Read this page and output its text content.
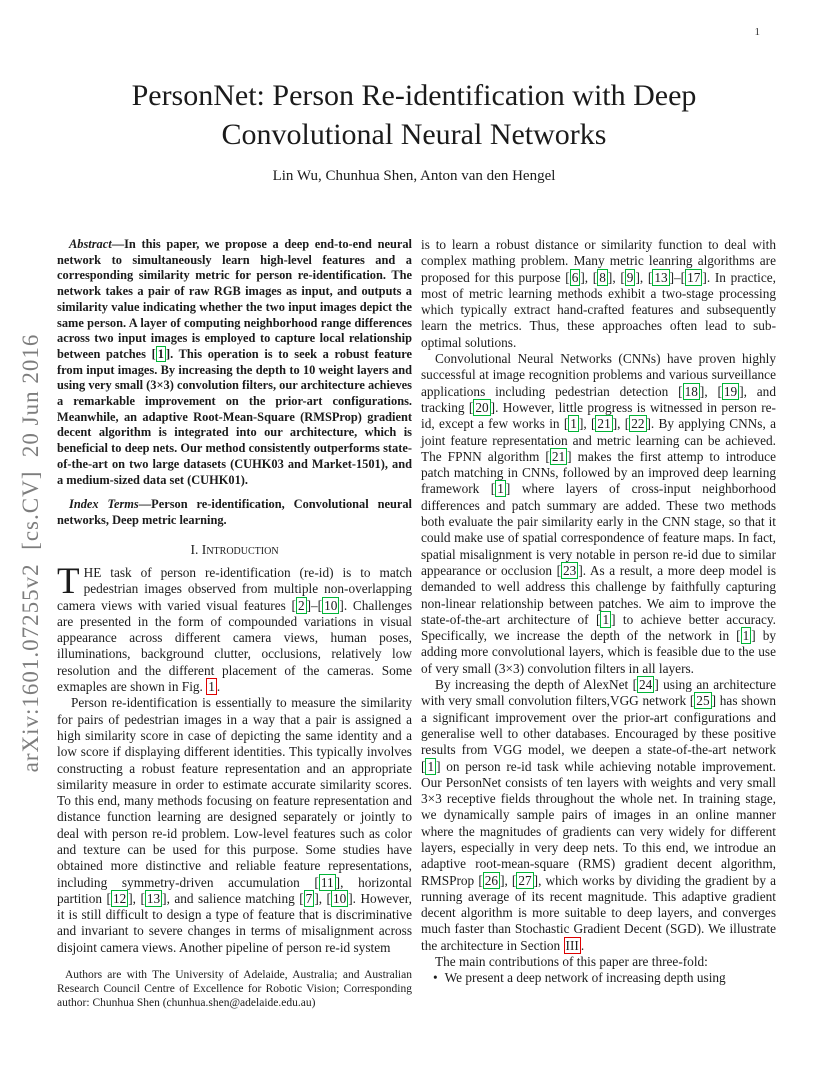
1
arXiv:1601.07255v2  [cs.CV]  20 Jun 2016
PersonNet: Person Re-identification with Deep Convolutional Neural Networks
Lin Wu, Chunhua Shen, Anton van den Hengel

Abstract—In this paper, we propose a deep end-to-end neural network to simultaneously learn high-level features and a corresponding similarity metric for person re-identification. The network takes a pair of raw RGB images as input, and outputs a similarity value indicating whether the two input images depict the same person. A layer of computing neighborhood range differences across two input images is employed to capture local relationship between patches [ 1 ]. This operation is to seek a robust feature from input images. By increasing the depth to 10 weight layers and using very small (3×3) convolution filters, our architecture achieves a remarkable improvement on the prior-art configurations. Meanwhile, an adaptive Root-Mean-Square (RMSProp) gradient decent algorithm is integrated into our architecture, which is beneficial to deep nets. Our method consistently outperforms state-of-the-art on two large datasets (CUHK03 and Market-1501), and a medium-sized data set (CUHK01).

Index Terms—Person re-identification, Convolutional neural networks, Deep metric learning.

I. Introduction

THE task of person re-identification (re-id) is to match pedestrian images observed from multiple non-overlapping camera views with varied visual features [ 2 ]–[ 10 ]. Challenges are presented in the form of compounded variations in visual appearance across different camera views, human poses, illuminations, background clutter, occlusions, relatively low resolution and the different placement of the cameras. Some exmaples are shown in Fig. 1 .

Person re-identification is essentially to measure the similarity for pairs of pedestrian images in a way that a pair is assigned a high similarity score in case of depicting the same identity and a low score if displaying different identities. This typically involves constructing a robust feature representation and an appropriate similarity measure in order to estimate accurate similarity scores. To this end, many methods focusing on feature representation and distance function learning are designed separately or jointly to deal with person re-id problem. Low-level features such as color and texture can be used for this purpose. Some studies have obtained more distinctive and reliable feature representations, including symmetry-driven accumulation [ 11 ], horizontal partition [ 12 ], [ 13 ], and salience matching [ 7 ], [ 10 ]. However, it is still difficult to design a type of feature that is discriminative and invariant to severe changes in terms of misalignment across disjoint camera views. Another pipeline of person re-id system

Authors are with The University of Adelaide, Australia; and Australian Research Council Centre of Excellence for Robotic Vision; Corresponding author: Chunhua Shen (chunhua.shen@adelaide.edu.au)

is to learn a robust distance or similarity function to deal with complex mathing problem. Many metric leanring algorithms are proposed for this purpose [ 6 ], [ 8 ], [ 9 ], [ 13 ]–[ 17 ]. In practice, most of metric learning methods exhibit a two-stage processing which typically extract hand-crafted features and subsequently learn the metrics. Thus, these approaches often lead to sub-optimal solutions.

Convolutional Neural Networks (CNNs) have proven highly successful at image recognition problems and various surveillance applications including pedestrian detection [ 18 ], [ 19 ], and tracking [ 20 ]. However, little progress is witnessed in person re-id, except a few works in [ 1 ], [ 21 ], [ 22 ]. By applying CNNs, a joint feature representation and metric learning can be achieved. The FPNN algorithm [ 21 ] makes the first attemp to introduce patch matching in CNNs, followed by an improved deep learning framework [ 1 ] where layers of cross-input neighborhood differences and patch summary are added. These two methods both evaluate the pair similarity early in the CNN stage, so that it could make use of spatial correspondence of feature maps. In fact, spatial misalignment is very notable in person re-id due to similar appearance or occlusion [ 23 ]. As a result, a more deep model is demanded to well address this challenge by faithfully capturing non-linear relationship between patches. We aim to improve the state-of-the-art architecture of [ 1 ] to achieve better accuracy. Specifically, we increase the depth of the network in [ 1 ] by adding more convolutional layers, which is feasible due to the use of very small (3×3) convolution filters in all layers.

By increasing the depth of AlexNet [ 24 ] using an architecture with very small convolution filters,VGG network [ 25 ] has shown a significant improvement over the prior-art configurations and generalise well to other databases. Encouraged by these positive results from VGG model, we deepen a state-of-the-art network [ 1 ] on person re-id task while achieving notable improvement. Our PersonNet consists of ten layers with weights and very small 3×3 receptive fields throughout the whole net. In training stage, we dynamically sample pairs of images in an online manner where the magnitudes of gradients can very widely for different layers, especially in very deep nets. To this end, we introdue an adaptive root-mean-square (RMS) gradient decent algorithm, RMSProp [ 26 ], [ 27 ], which works by dividing the gradient by a running average of its recent magnitude. This adaptive gradient decent algorithm is more suitable to deep layers, and converges much faster than Stochastic Gradient Decent (SGD). We illustrate the architecture in Section III .

The main contributions of this paper are three-fold:

• We present a deep network of increasing depth using
